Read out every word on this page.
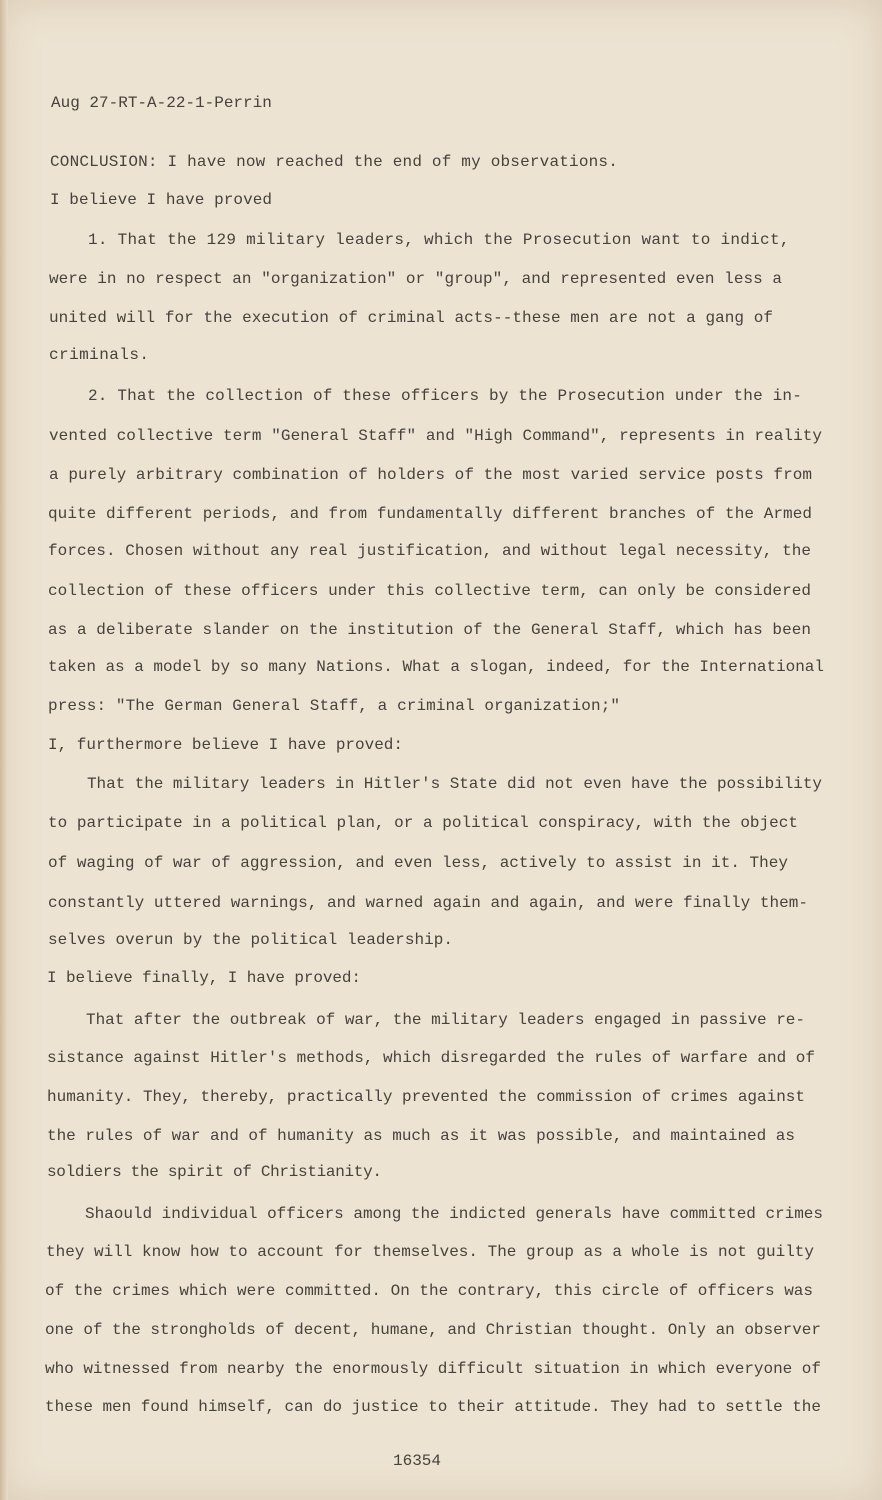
Aug 27-RT-A-22-1-Perrin

CONCLUSION: I have now reached the end of my observations.

I believe I have proved

1. That the 129 military leaders, which the Prosecution want to indict,

were in no respect an "organization" or "group", and represented even less a

united will for the execution of criminal acts--these men are not a gang of

criminals.

2. That the collection of these officers by the Prosecution under the in-

vented collective term "General Staff" and "High Command", represents in reality

a purely arbitrary combination of holders of the most varied service posts from

quite different periods, and from fundamentally different branches of the Armed

forces. Chosen without any real justification, and without legal necessity, the

collection of these officers under this collective term, can only be considered

as a deliberate slander on the institution of the General Staff, which has been

taken as a model by so many Nations. What a slogan, indeed, for the International

press: "The German General Staff, a criminal organization;"

I, furthermore believe I have proved:

That the military leaders in Hitler's State did not even have the possibility

to participate in a political plan, or a political conspiracy, with the object

of waging of war of aggression, and even less, actively to assist in it. They

constantly uttered warnings, and warned again and again, and were finally them-

selves overun by the political leadership.

I believe finally, I have proved:

That after the outbreak of war, the military leaders engaged in passive re-

sistance against Hitler's methods, which disregarded the rules of warfare and of

humanity. They, thereby, practically prevented the commission of crimes against

the rules of war and of humanity as much as it was possible, and maintained as

soldiers the spirit of Christianity.

Shaould individual officers among the indicted generals have committed crimes

they will know how to account for themselves. The group as a whole is not guilty

of the crimes which were committed. On the contrary, this circle of officers was

one of the strongholds of decent, humane, and Christian thought. Only an observer

who witnessed from nearby the enormously difficult situation in which everyone of

these men found himself, can do justice to their attitude. They had to settle the

16354
